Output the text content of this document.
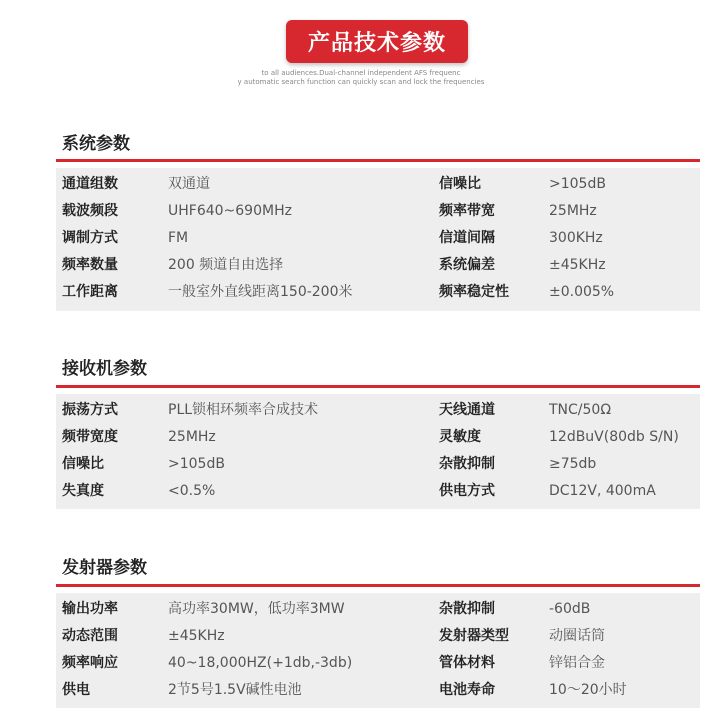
产品技术参数
to all audiences.Dual-channel independent AFS frequenc
y automatic search function can quickly scan and lock the frequencies
系统参数
通道组数	双通道	信噪比	>105dB
载波频段	UHF640~690MHz	频率带宽	25MHz
调制方式	FM	信道间隔	300KHz
频率数量	200 频道自由选择	系统偏差	±45KHz
工作距离	一般室外直线距离150-200米	频率稳定性	±0.005%
接收机参数
振荡方式	PLL锁相环频率合成技术	天线通道	TNC/50Ω
频带宽度	25MHz	灵敏度	12dBuV(80db S/N)
信噪比	>105dB	杂散抑制	≥75db
失真度	<0.5%	供电方式	DC12V, 400mA
发射器参数
输出功率	高功率30MW，低功率3MW	杂散抑制	-60dB
动态范围	±45KHz	发射器类型	动圈话筒
频率响应	40~18,000HZ(+1db,-3db)	管体材料	锌铝合金
供电	2节5号1.5V碱性电池	电池寿命	10～20小时
